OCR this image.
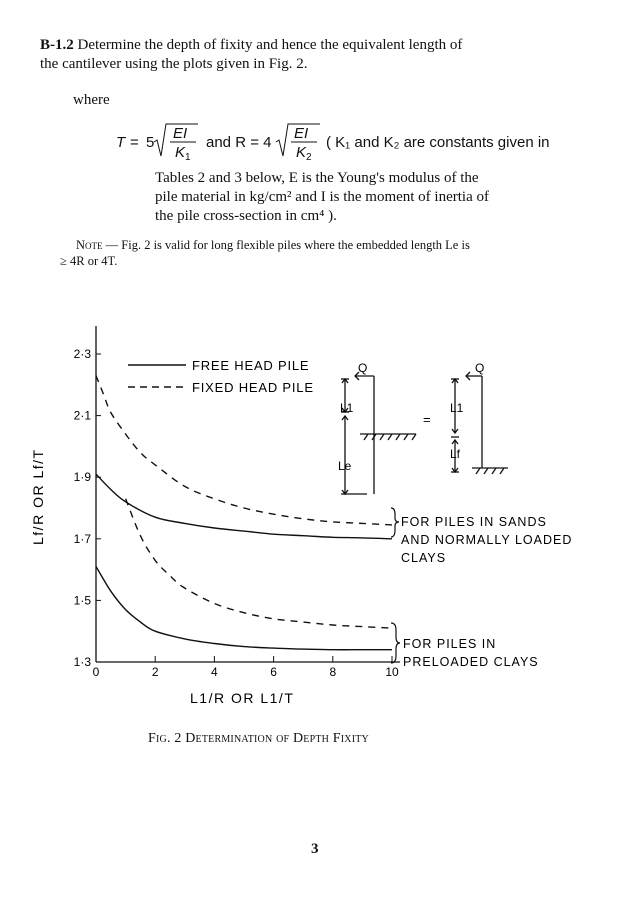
B-1.2 Determine the depth of fixity and hence the equivalent length of
the cantilever using the plots given in Fig. 2.
where
T = 5
EI
K 1
and R = 4
EI
K 2
( K₁ and K₂ are constants given in
Tables 2 and 3 below, E is the Young's modulus of the
pile material in kg/cm² and I is the moment of inertia of
the pile cross-section in cm⁴ ).
Note — Fig. 2 is valid for long flexible piles where the embedded length Le is
≥ 4R or 4T.
0	2	4	6	8	10
2·3
2·1
1·9
1·7
1·5
1·3
Lf/R OR Lf/T
L1/R OR L1/T
FREE HEAD PILE
FIXED HEAD PILE
Q
L1
Le
=
Q
L1
Lf
FOR PILES IN SANDS
AND NORMALLY LOADED
CLAYS
FOR PILES IN
PRELOADED CLAYS
Fig. 2 Determination of Depth Fixity
3
